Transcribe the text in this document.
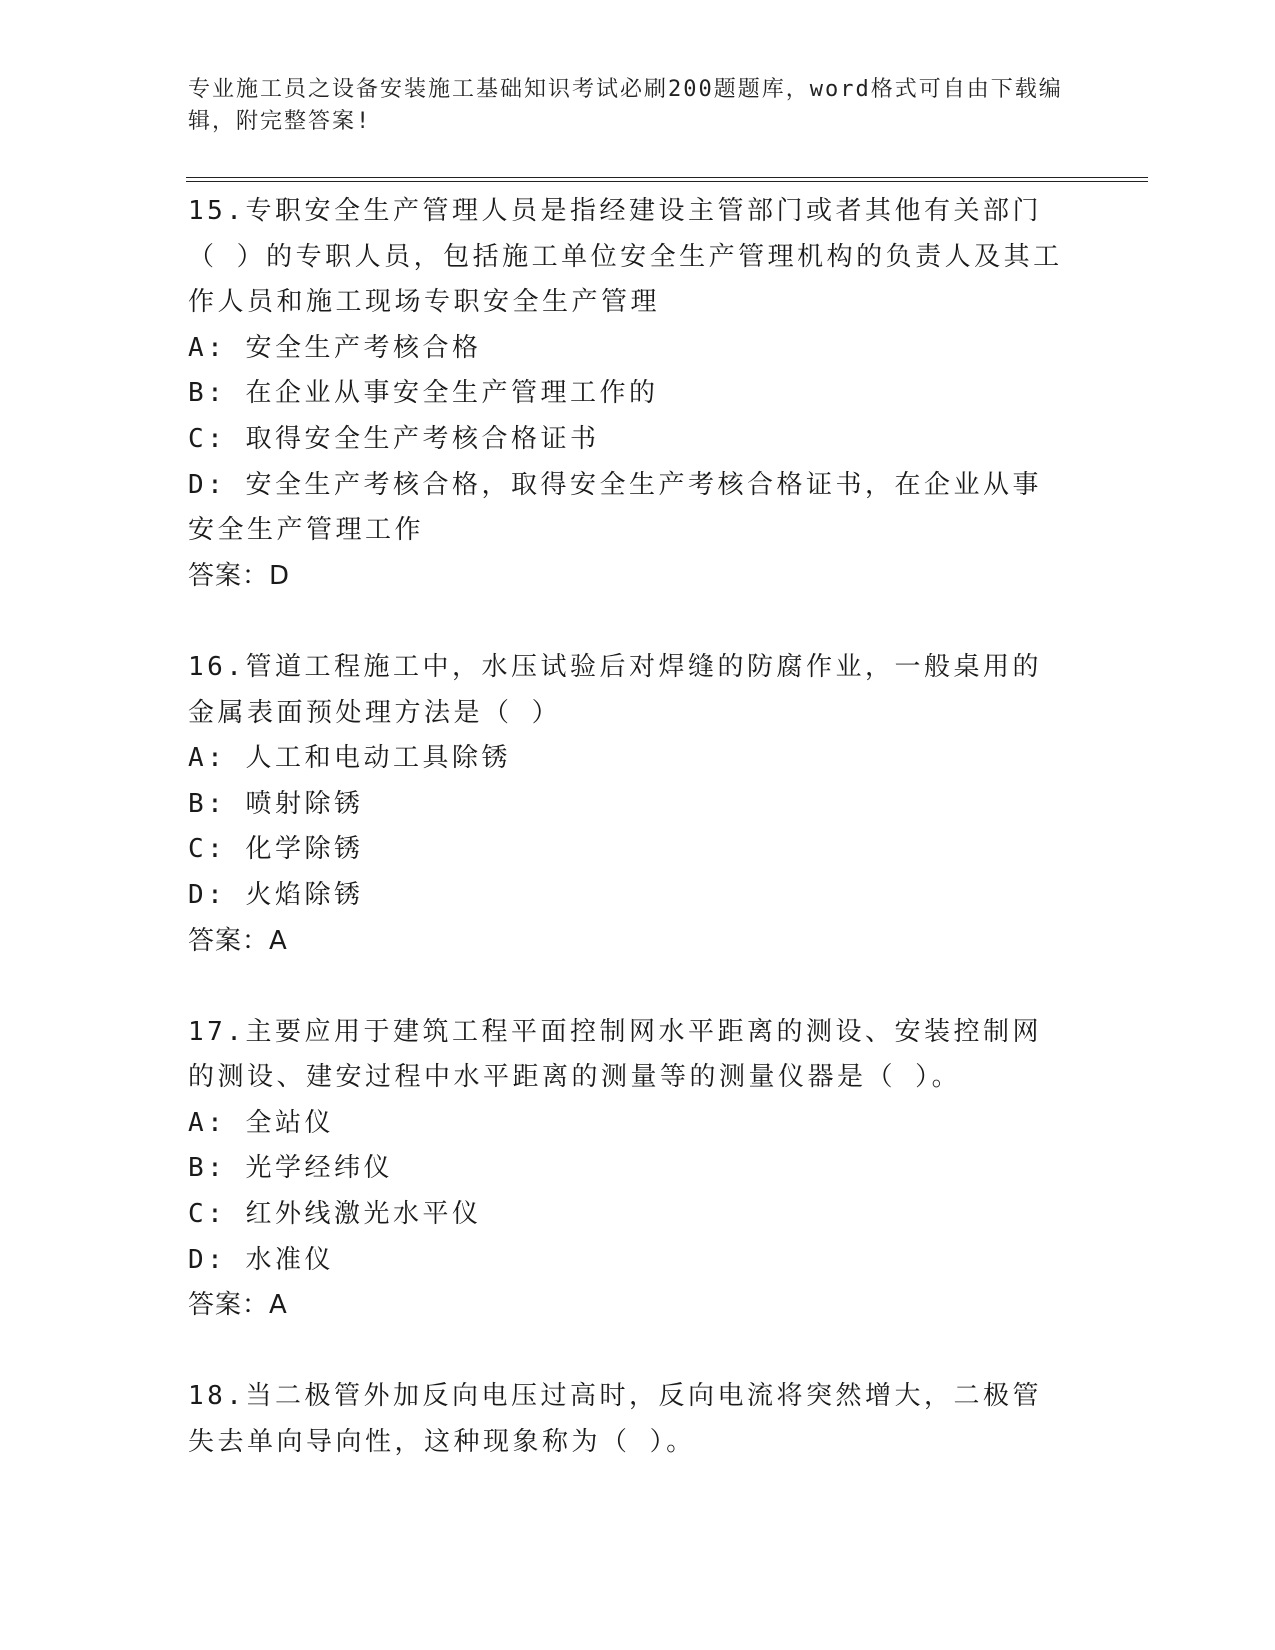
专业施工员之设备安装施工基础知识考试必刷200题题库，word格式可自由下载编辑，附完整答案!

15.专职安全生产管理人员是指经建设主管部门或者其他有关部门（ ）的专职人员，包括施工单位安全生产管理机构的负责人及其工作人员和施工现场专职安全生产管理

A: 安全生产考核合格

B: 在企业从事安全生产管理工作的

C: 取得安全生产考核合格证书

D: 安全生产考核合格，取得安全生产考核合格证书，在企业从事安全生产管理工作

答案：D

16.管道工程施工中，水压试验后对焊缝的防腐作业，一般桌用的金属表面预处理方法是（ ）

A: 人工和电动工具除锈

B: 喷射除锈

C: 化学除锈

D: 火焰除锈

答案：A

17.主要应用于建筑工程平面控制网水平距离的测设、安装控制网的测设、建安过程中水平距离的测量等的测量仪器是（ ）。

A: 全站仪

B: 光学经纬仪

C: 红外线激光水平仪

D: 水准仪

答案：A

18.当二极管外加反向电压过高时，反向电流将突然增大，二极管失去单向导向性，这种现象称为（ ）。
